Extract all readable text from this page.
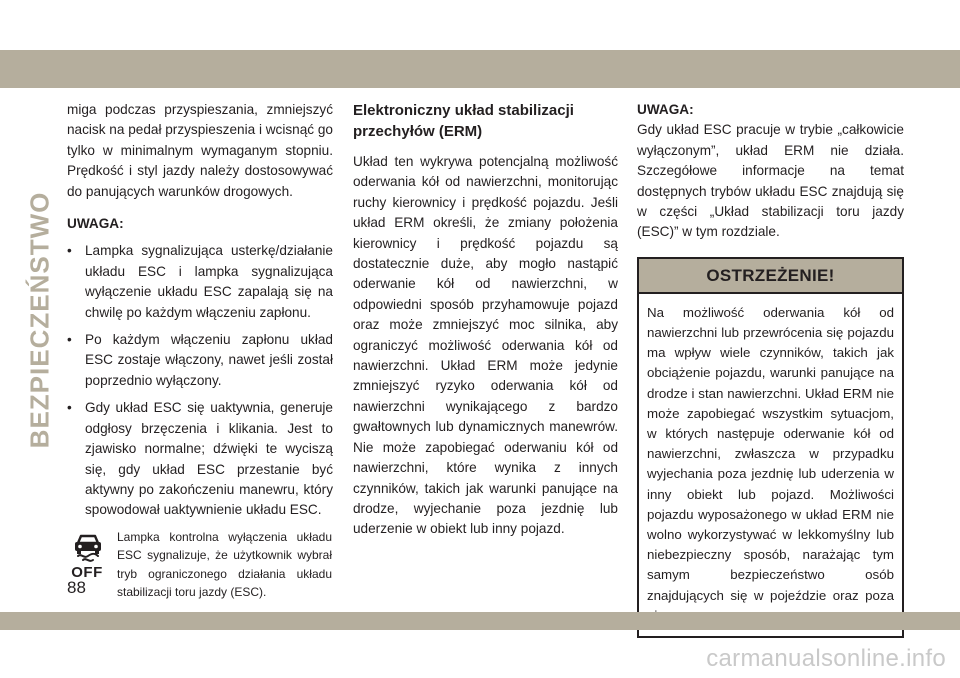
BEZPIECZEŃSTWO

miga podczas przyspieszania, zmniejszyć nacisk na pedał przyspieszenia i wcisnąć go tylko w minimalnym wymaganym stopniu. Prędkość i styl jazdy należy dostosowywać do panujących warunków drogowych.

UWAGA:

• Lampka sygnalizująca usterkę/działanie układu ESC i lampka sygnalizująca wyłączenie układu ESC zapalają się na chwilę po każdym włączeniu zapłonu.
• Po każdym włączeniu zapłonu układ ESC zostaje włączony, nawet jeśli został poprzednio wyłączony.
• Gdy układ ESC się uaktywnia, generuje odgłosy brzęczenia i klikania. Jest to zjawisko normalne; dźwięki te wyciszą się, gdy układ ESC przestanie być aktywny po zakończeniu manewru, który spowodował uaktywnienie układu ESC.
OFF

Lampka kontrolna wyłączenia układu ESC sygnalizuje, że użytkownik wybrał tryb ograniczonego działania układu stabilizacji toru jazdy (ESC).

Elektroniczny układ stabilizacji przechyłów (ERM)

Układ ten wykrywa potencjalną możliwość oderwania kół od nawierzchni, monitorując ruchy kierownicy i prędkość pojazdu. Jeśli układ ERM określi, że zmiany położenia kierownicy i prędkość pojazdu są dostatecznie duże, aby mogło nastąpić oderwanie kół od nawierzchni, w odpowiedni sposób przyhamowuje pojazd oraz może zmniejszyć moc silnika, aby ograniczyć możliwość oderwania kół od nawierzchni. Układ ERM może jedynie zmniejszyć ryzyko oderwania kół od nawierzchni wynikającego z bardzo gwałtownych lub dynamicznych manewrów. Nie może zapobiegać oderwaniu kół od nawierzchni, które wynika z innych czynników, takich jak warunki panujące na drodze, wyjechanie poza jezdnię lub uderzenie w obiekt lub inny pojazd.

UWAGA:

Gdy układ ESC pracuje w trybie „całkowicie wyłączonym”, układ ERM nie działa. Szczegółowe informacje na temat dostępnych trybów układu ESC znajdują się w części „Układ stabilizacji toru jazdy (ESC)” w tym rozdziale.

OSTRZEŻENIE!
Na możliwość oderwania kół od nawierzchni lub przewrócenia się pojazdu ma wpływ wiele czynników, takich jak obciążenie pojazdu, warunki panujące na drodze i stan nawierzchni. Układ ERM nie może zapobiegać wszystkim sytuacjom, w których następuje oderwanie kół od nawierzchni, zwłaszcza w przypadku wyjechania poza jezdnię lub uderzenia w inny obiekt lub pojazd. Możliwości pojazdu wyposażonego w układ ERM nie wolno wykorzystywać w lekkomyślny lub niebezpieczny sposób, narażając tym samym bezpieczeństwo osób znajdujących się w pojeździe oraz poza
88
carmanualsonline.info
